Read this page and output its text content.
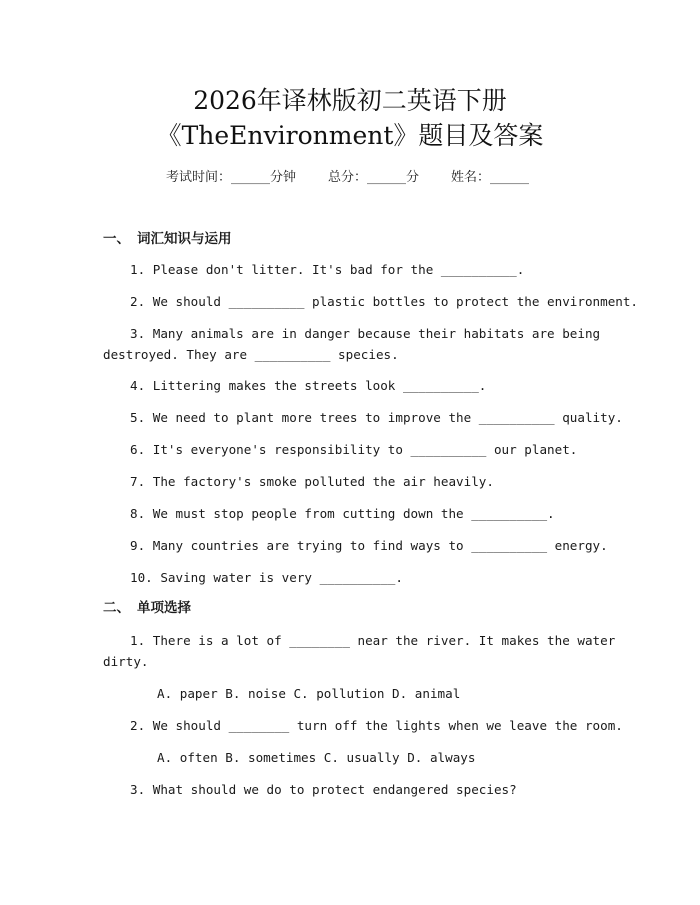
2026年译林版初二英语下册
《TheEnvironment》题目及答案
考试时间：______分钟 总分：______分 姓名：______
一、 词汇知识与运用
1. Please don't litter. It's bad for the __________.
2. We should __________ plastic bottles to protect the environment.
3. Many animals are in danger because their habitats are being
destroyed. They are __________ species.
4. Littering makes the streets look __________.
5. We need to plant more trees to improve the __________ quality.
6. It's everyone's responsibility to __________ our planet.
7. The factory's smoke polluted the air heavily.
8. We must stop people from cutting down the __________.
9. Many countries are trying to find ways to __________ energy.
10. Saving water is very __________.
二、 单项选择
1. There is a lot of ________ near the river. It makes the water
dirty.
A. paper B. noise C. pollution D. animal
2. We should ________ turn off the lights when we leave the room.
A. often B. sometimes C. usually D. always
3. What should we do to protect endangered species?
